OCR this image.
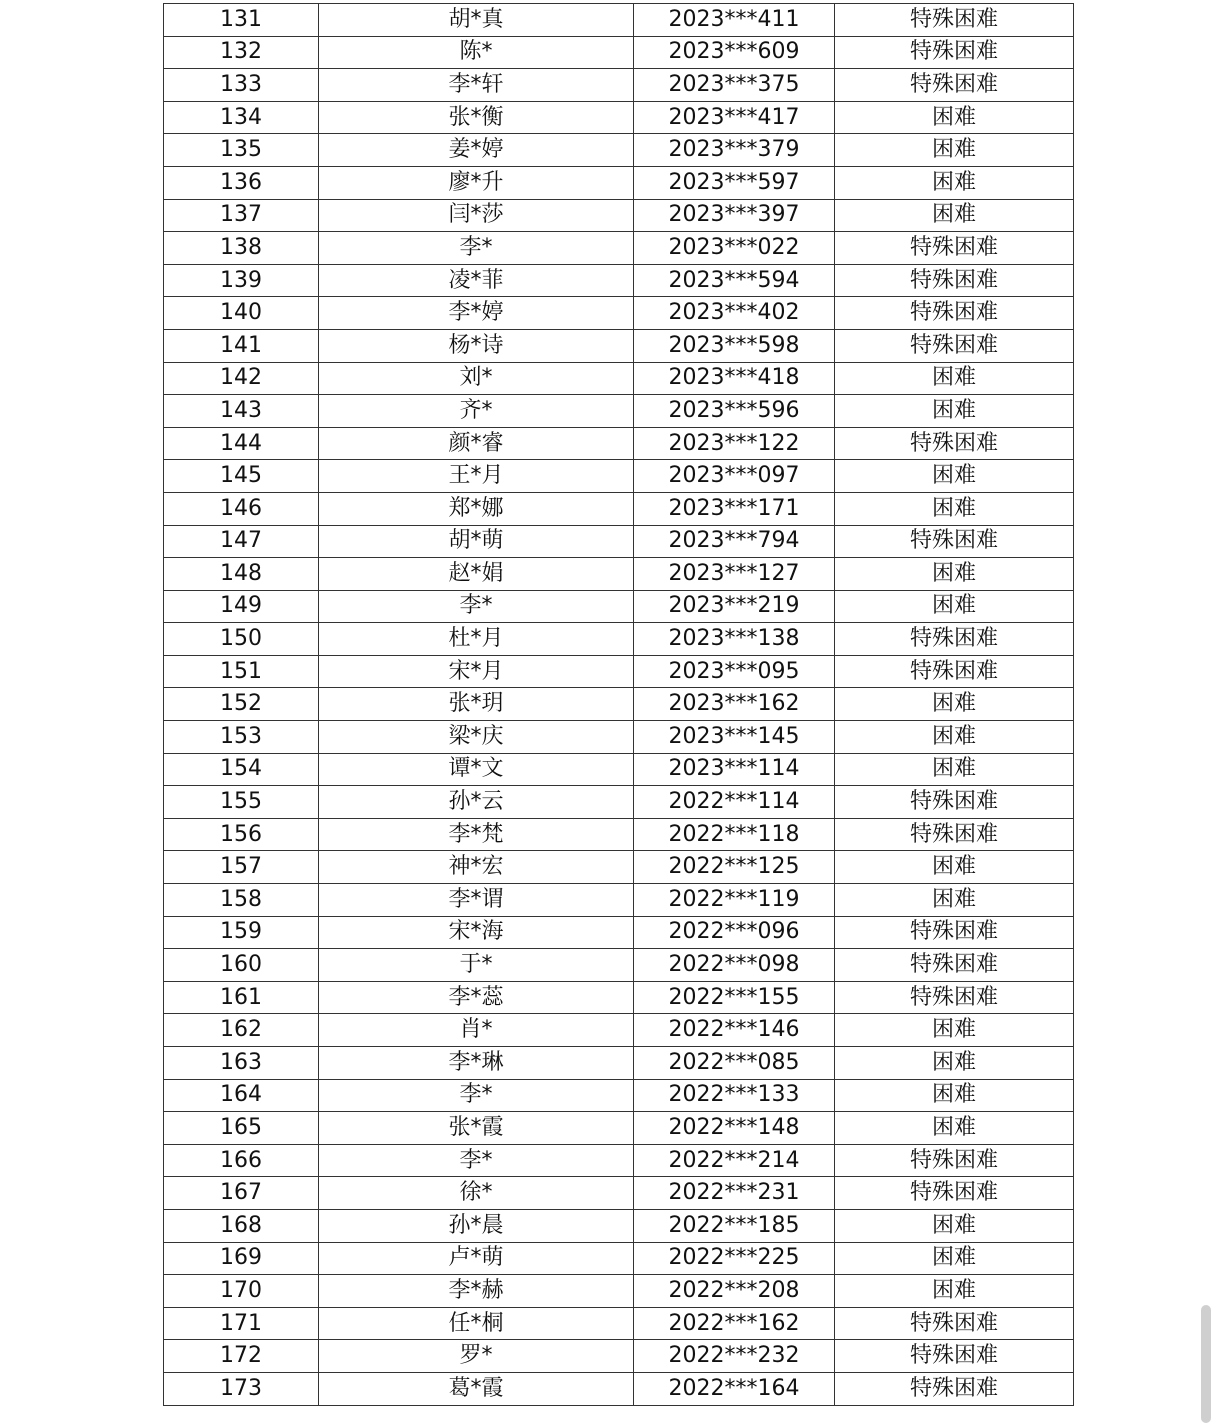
131	胡*真	2023***411	特殊困难
132	陈*	2023***609	特殊困难
133	李*轩	2023***375	特殊困难
134	张*衡	2023***417	困难
135	姜*婷	2023***379	困难
136	廖*升	2023***597	困难
137	闫*莎	2023***397	困难
138	李*	2023***022	特殊困难
139	凌*菲	2023***594	特殊困难
140	李*婷	2023***402	特殊困难
141	杨*诗	2023***598	特殊困难
142	刘*	2023***418	困难
143	齐*	2023***596	困难
144	颜*睿	2023***122	特殊困难
145	王*月	2023***097	困难
146	郑*娜	2023***171	困难
147	胡*萌	2023***794	特殊困难
148	赵*娟	2023***127	困难
149	李*	2023***219	困难
150	杜*月	2023***138	特殊困难
151	宋*月	2023***095	特殊困难
152	张*玥	2023***162	困难
153	梁*庆	2023***145	困难
154	谭*文	2023***114	困难
155	孙*云	2022***114	特殊困难
156	李*梵	2022***118	特殊困难
157	神*宏	2022***125	困难
158	李*谓	2022***119	困难
159	宋*海	2022***096	特殊困难
160	于*	2022***098	特殊困难
161	李*蕊	2022***155	特殊困难
162	肖*	2022***146	困难
163	李*琳	2022***085	困难
164	李*	2022***133	困难
165	张*霞	2022***148	困难
166	李*	2022***214	特殊困难
167	徐*	2022***231	特殊困难
168	孙*晨	2022***185	困难
169	卢*萌	2022***225	困难
170	李*赫	2022***208	困难
171	任*桐	2022***162	特殊困难
172	罗*	2022***232	特殊困难
173	葛*霞	2022***164	特殊困难
